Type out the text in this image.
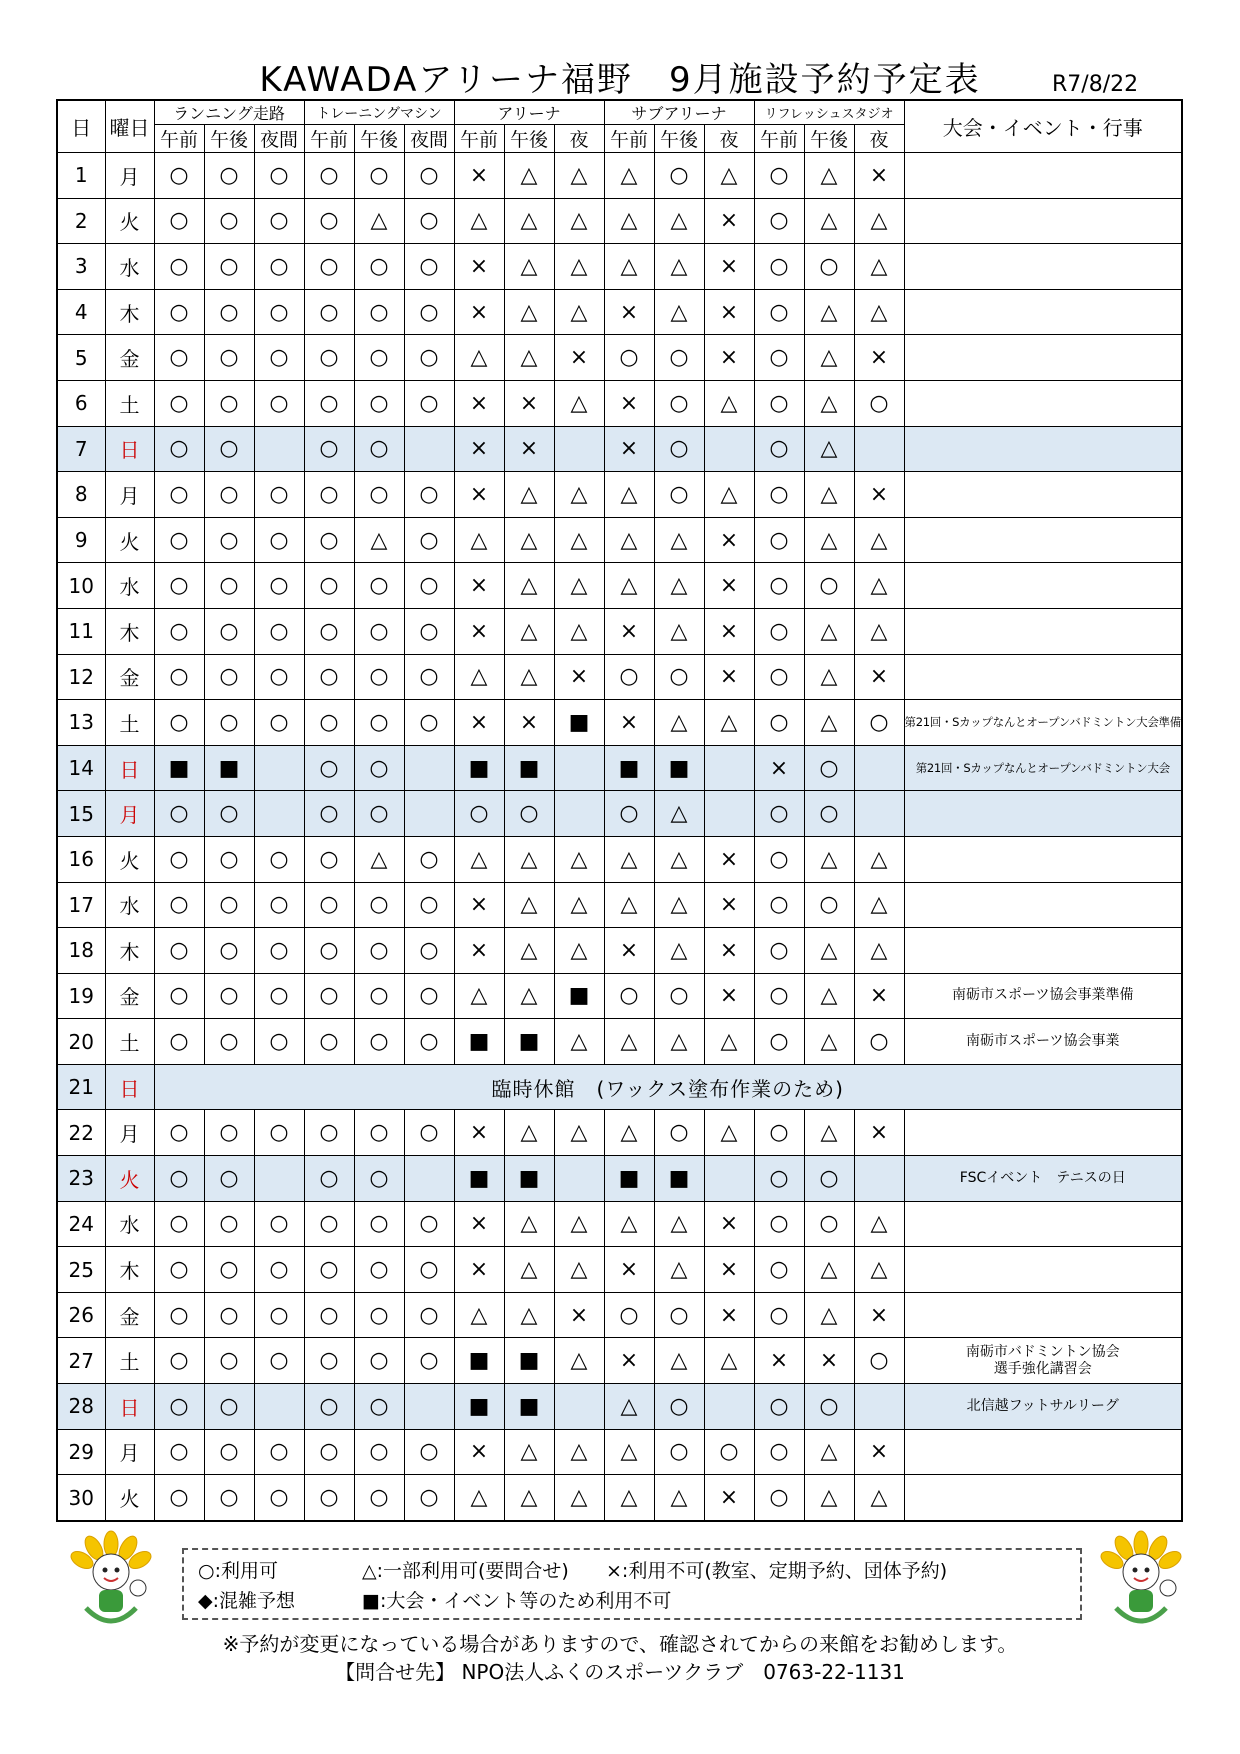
KAWADAアリーナ福野　9月施設予約予定表	R7/8/22
日	曜日	ランニング走路			トレーニングマシン			アリーナ			サブアリーナ			リフレッシュスタジオ			大会・イベント・行事
		午前	午後	夜間	午前	午後	夜間	午前	午後	夜	午前	午後	夜	午前	午後	夜	
1	月	○	○	○	○	○	○	×	△	△	△	○	△	○	△	×	
2	火	○	○	○	○	△	○	△	△	△	△	△	×	○	△	△	
3	水	○	○	○	○	○	○	×	△	△	△	△	×	○	○	△	
4	木	○	○	○	○	○	○	×	△	△	×	△	×	○	△	△	
5	金	○	○	○	○	○	○	△	△	×	○	○	×	○	△	×	
6	土	○	○	○	○	○	○	×	×	△	×	○	△	○	△	○	
7	日	○	○		○	○		×	×		×	○		○	△		
8	月	○	○	○	○	○	○	×	△	△	△	○	△	○	△	×	
9	火	○	○	○	○	△	○	△	△	△	△	△	×	○	△	△	
10	水	○	○	○	○	○	○	×	△	△	△	△	×	○	○	△	
11	木	○	○	○	○	○	○	×	△	△	×	△	×	○	△	△	
12	金	○	○	○	○	○	○	△	△	×	○	○	×	○	△	×	
13	土	○	○	○	○	○	○	×	×	■	×	△	△	○	△	○	第21回・Sカップなんとオープンバドミントン大会準備
14	日	■	■		○	○		■	■		■	■		×	○		第21回・Sカップなんとオープンバドミントン大会
15	月	○	○		○	○		○	○		○	△		○	○		
16	火	○	○	○	○	△	○	△	△	△	△	△	×	○	△	△	
17	水	○	○	○	○	○	○	×	△	△	△	△	×	○	○	△	
18	木	○	○	○	○	○	○	×	△	△	×	△	×	○	△	△	
19	金	○	○	○	○	○	○	△	△	■	○	○	×	○	△	×	南砺市スポーツ協会事業準備
20	土	○	○	○	○	○	○	■	■	△	△	△	△	○	△	○	南砺市スポーツ協会事業
21	日	臨時休館　(ワックス塗布作業のため)															
22	月	○	○	○	○	○	○	×	△	△	△	○	△	○	△	×	
23	火	○	○		○	○		■	■		■	■		○	○		FSCイベント　テニスの日
24	水	○	○	○	○	○	○	×	△	△	△	△	×	○	○	△	
25	木	○	○	○	○	○	○	×	△	△	×	△	×	○	△	△	
26	金	○	○	○	○	○	○	△	△	×	○	○	×	○	△	×	
27	土	○	○	○	○	○	○	■	■	△	×	△	△	×	×	○	南砺市バドミントン協会
選手強化講習会

28	日	○	○		○	○		■	■		△	○		○	○		北信越フットサルリーグ
29	月	○	○	○	○	○	○	×	△	△	△	○	○	○	△	×	
30	火	○	○	○	○	○	○	△	△	△	△	△	×	○	△	△	
○:利用可	△:一部利用可(要問合せ) ×:利用不可(教室、定期予約、団体予約)
◆:混雑予想	■:大会・イベント等のため利用不可
※予約が変更になっている場合がありますので、確認されてからの来館をお勧めします。
【問合せ先】 NPO法人ふくのスポーツクラブ　0763-22-1131
